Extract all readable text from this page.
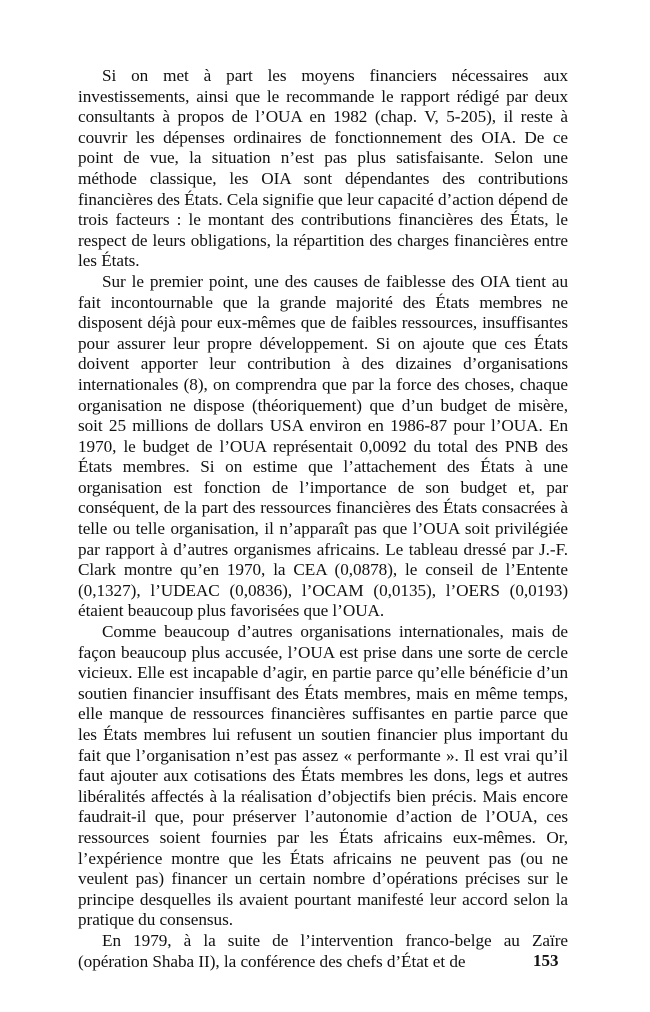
Si on met à part les moyens financiers nécessaires aux investissements, ainsi que le recommande le rapport rédigé par deux consultants à propos de l’OUA en 1982 (chap. V, 5-205), il reste à couvrir les dépenses ordinaires de fonctionnement des OIA. De ce point de vue, la situation n’est pas plus satisfaisante. Selon une méthode classique, les OIA sont dépendantes des contributions financières des États. Cela signifie que leur capacité d’action dépend de trois facteurs : le montant des contributions financières des États, le respect de leurs obligations, la répartition des charges financières entre les États.

Sur le premier point, une des causes de faiblesse des OIA tient au fait incontournable que la grande majorité des États membres ne disposent déjà pour eux-mêmes que de faibles ressources, insuffisantes pour assurer leur propre développement. Si on ajoute que ces États doivent apporter leur contribution à des dizaines d’organisations internationales (8), on comprendra que par la force des choses, chaque organisation ne dispose (théoriquement) que d’un budget de misère, soit 25 millions de dollars USA environ en 1986-87 pour l’OUA. En 1970, le budget de l’OUA représentait 0,0092 du total des PNB des États membres. Si on estime que l’attachement des États à une organisation est fonction de l’importance de son budget et, par conséquent, de la part des ressources financières des États consacrées à telle ou telle organisation, il n’apparaît pas que l’OUA soit privilégiée par rapport à d’autres organismes africains. Le tableau dressé par J.-F. Clark montre qu’en 1970, la CEA (0,0878), le conseil de l’Entente (0,1327), l’UDEAC (0,0836), l’OCAM (0,0135), l’OERS (0,0193) étaient beaucoup plus favorisées que l’OUA.

Comme beaucoup d’autres organisations internationales, mais de façon beaucoup plus accusée, l’OUA est prise dans une sorte de cercle vicieux. Elle est incapable d’agir, en partie parce qu’elle bénéficie d’un soutien financier insuffisant des États membres, mais en même temps, elle manque de ressources financières suffisantes en partie parce que les États membres lui refusent un soutien financier plus important du fait que l’organisation n’est pas assez « performante ». Il est vrai qu’il faut ajouter aux cotisations des États membres les dons, legs et autres libéralités affectés à la réalisation d’objectifs bien précis. Mais encore faudrait-il que, pour préserver l’autonomie d’action de l’OUA, ces ressources soient fournies par les États africains eux-mêmes. Or, l’expérience montre que les États africains ne peuvent pas (ou ne veulent pas) financer un certain nombre d’opérations précises sur le principe desquelles ils avaient pourtant manifesté leur accord selon la pratique du consensus.

En 1979, à la suite de l’intervention franco-belge au Zaïre (opération Shaba II), la conférence des chefs d’État et de	153
